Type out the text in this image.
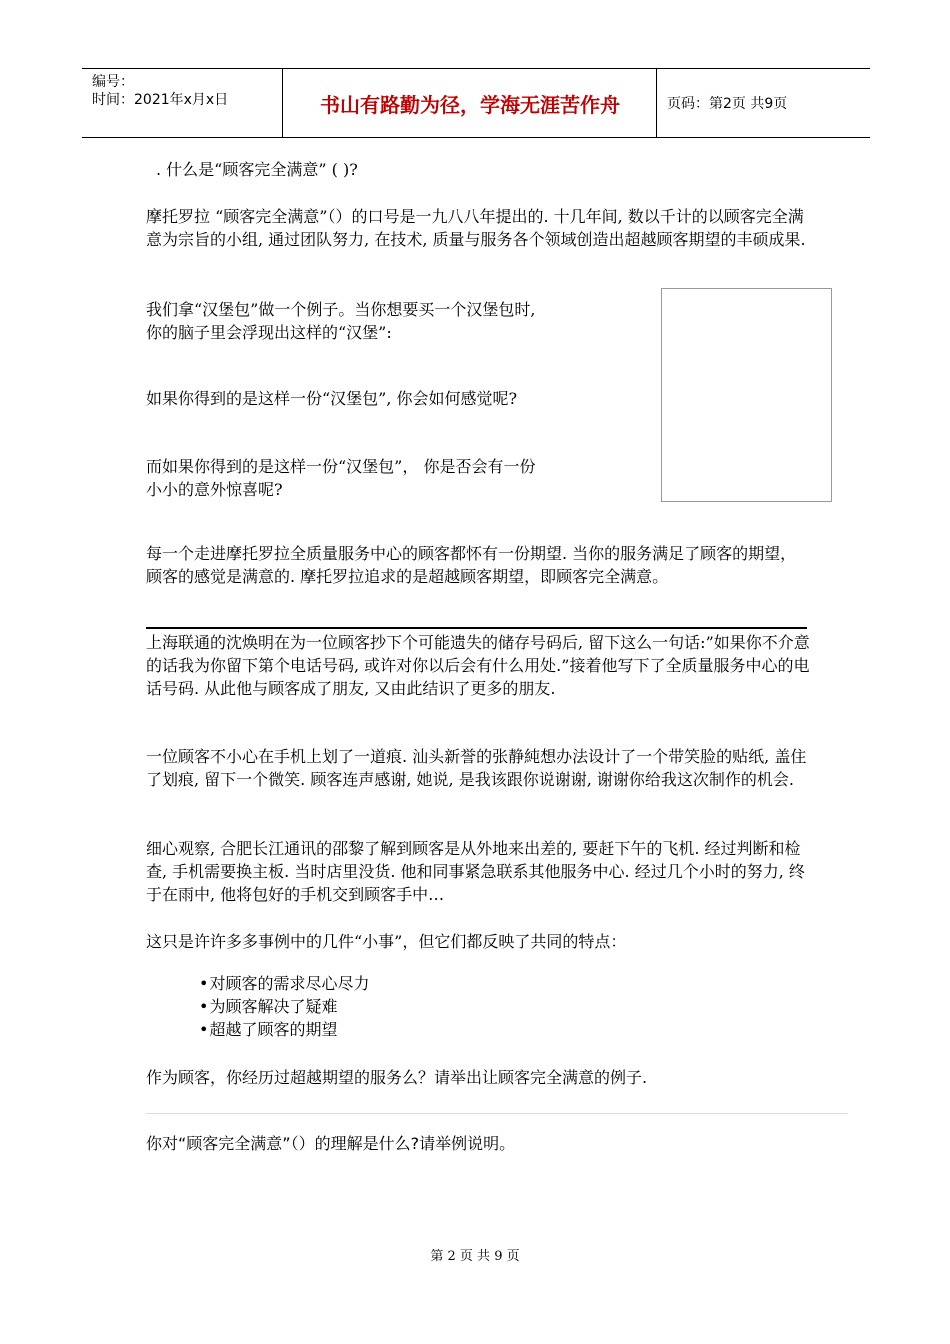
编号：
时间：2021年x月x日	书山有路勤为径，学海无涯苦作舟	页码：第2页 共9页

. 什么是“顾客完全满意” ( )?

摩托罗拉 “顾客完全满意”（）的口号是一九八八年提出的. 十几年间, 数以千计的以顾客完全满意为宗旨的小组, 通过团队努力, 在技术, 质量与服务各个领域创造出超越顾客期望的丰硕成果.

我们拿“汉堡包”做一个例子。当你想要买一个汉堡包时,

你的脑子里会浮现出这样的“汉堡”:

如果你得到的是这样一份“汉堡包”, 你会如何感觉呢?

而如果你得到的是这样一份“汉堡包”， 你是否会有一份

小小的意外惊喜呢?

每一个走进摩托罗拉全质量服务中心的顾客都怀有一份期望. 当你的服务满足了顾客的期望，顾客的感觉是满意的. 摩托罗拉追求的是超越顾客期望，即顾客完全满意。

上海联通的沈焕明在为一位顾客抄下个可能遗失的储存号码后, 留下这么一句话:”如果你不介意的话我为你留下第个电话号码, 或许对你以后会有什么用处.”接着他写下了全质量服务中心的电话号码. 从此他与顾客成了朋友, 又由此结识了更多的朋友.

一位顾客不小心在手机上划了一道痕. 汕头新誉的张静純想办法设计了一个带笑脸的贴纸, 盖住了划痕, 留下一个微笑. 顾客连声感谢, 她说, 是我该跟你说谢谢, 谢谢你给我这次制作的机会.

细心观察, 合肥长江通讯的邵黎了解到顾客是从外地来出差的, 要赶下午的飞机. 经过判断和检查, 手机需要换主板. 当时店里没货. 他和同事紧急联系其他服务中心. 经过几个小时的努力, 终于在雨中, 他将包好的手机交到顾客手中…

这只是许许多多事例中的几件“小事”，但它们都反映了共同的特点：

• 对顾客的需求尽心尽力
• 为顾客解决了疑难
• 超越了顾客的期望

作为顾客，你经历过超越期望的服务么？请举出让顾客完全满意的例子.

你对“顾客完全满意”（）的理解是什么?请举例说明。

第 2 页 共 9 页
